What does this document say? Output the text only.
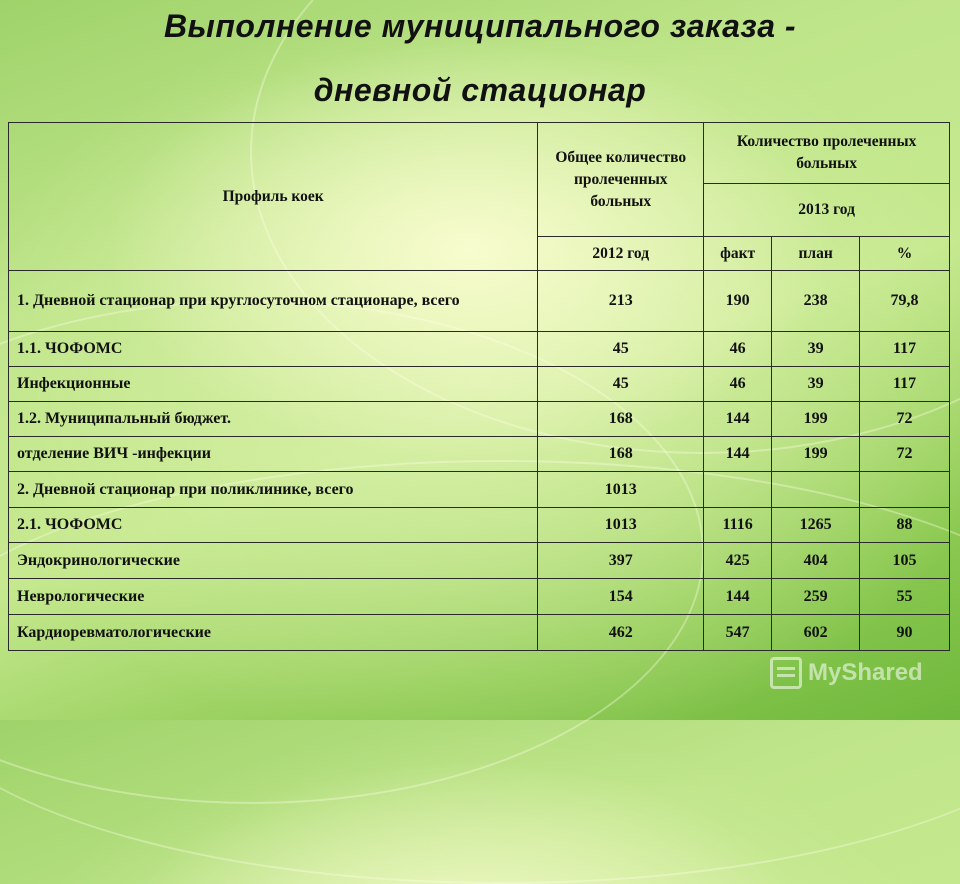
Выполнение муниципального заказа -
дневной стационар
Профиль коек	Общее количество пролеченных больных	Количество пролеченных больных		
		2013 год		
	2012 год	факт	план	%
1. Дневной стационар при круглосуточном стационаре, всего	213	190	238	79,8
1.1. ЧОФОМС	45	46	39	117
Инфекционные	45	46	39	117
1.2. Муниципальный бюджет.	168	144	199	72
отделение ВИЧ -инфекции	168	144	199	72
2. Дневной стационар при поликлинике, всего	1013			
2.1. ЧОФОМС	1013	1116	1265	88
Эндокринологические	397	425	404	105
Неврологические	154	144	259	55
Кардиоревматологические	462	547	602	90
MyShared
